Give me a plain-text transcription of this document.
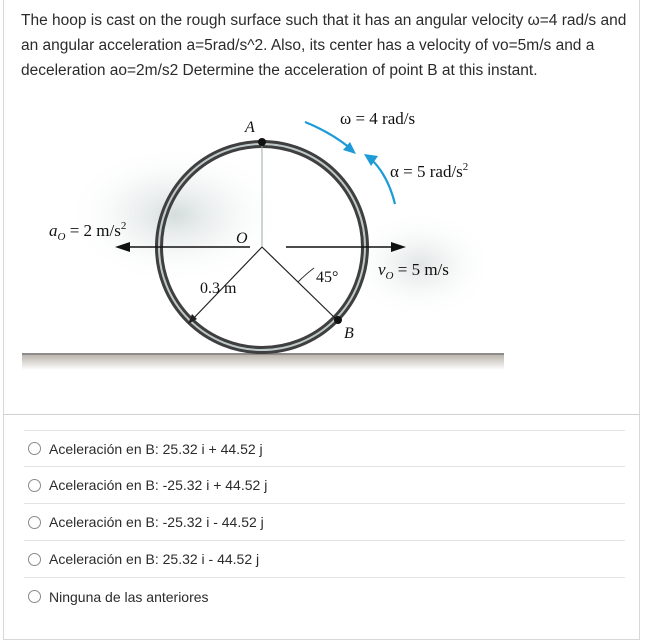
The hoop is cast on the rough surface such that it has an angular velocity ω=4 rad/s and an angular acceleration a=5rad/s^2. Also, its center has a velocity of vo=5m/s and a deceleration ao=2m/s2 Determine the acceleration of point B at this instant.
A
O
B
$a_O = 2$ $m/s^2$
$v_O = 5$ m/s
45°
0.3 m
ω = 4 rad/s
α = 5 rad/$s^2$
Aceleración en B: 25.32 i + 44.52 j
Aceleración en B: -25.32 i + 44.52 j
Aceleración en B: -25.32 i - 44.52 j
Aceleración en B: 25.32 i - 44.52 j
Ninguna de las anteriores
